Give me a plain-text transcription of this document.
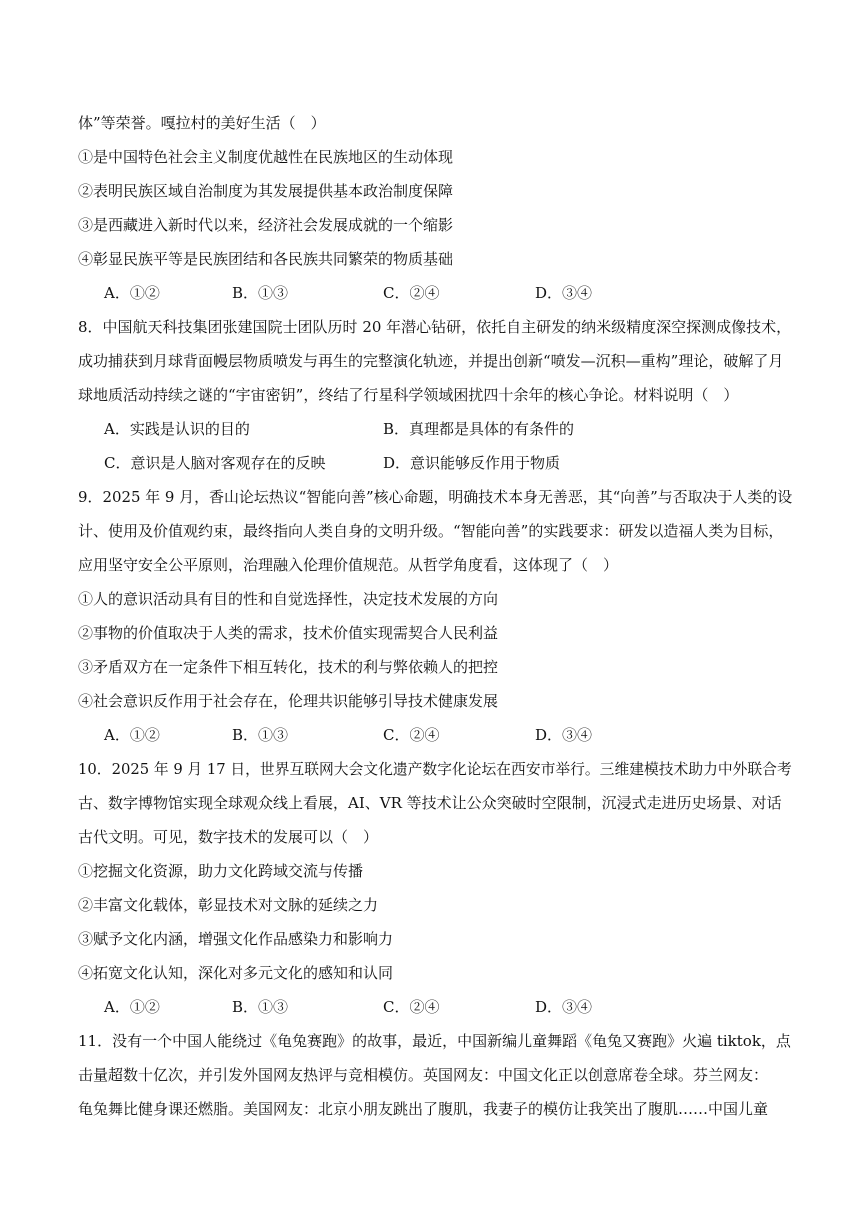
体”等荣誉。嘎拉村的美好生活（　）
①是中国特色社会主义制度优越性在民族地区的生动体现
②表明民族区域自治制度为其发展提供基本政治制度保障
③是西藏进入新时代以来，经济社会发展成就的一个缩影
④彰显民族平等是民族团结和各民族共同繁荣的物质基础
A．①②	B．①③	C．②④	D．③④
8．中国航天科技集团张建国院士团队历时 20 年潜心钻研，依托自主研发的纳米级精度深空探测成像技术，
成功捕获到月球背面幔层物质喷发与再生的完整演化轨迹，并提出创新“喷发—沉积—重构”理论，破解了月
球地质活动持续之谜的“宇宙密钥”，终结了行星科学领域困扰四十余年的核心争论。材料说明（　）
A．实践是认识的目的	B．真理都是具体的有条件的
C．意识是人脑对客观存在的反映	D．意识能够反作用于物质
9．2025 年 9 月，香山论坛热议“智能向善”核心命题，明确技术本身无善恶，其“向善”与否取决于人类的设
计、使用及价值观约束，最终指向人类自身的文明升级。“智能向善”的实践要求：研发以造福人类为目标，
应用坚守安全公平原则，治理融入伦理价值规范。从哲学角度看，这体现了（　）
①人的意识活动具有目的性和自觉选择性，决定技术发展的方向
②事物的价值取决于人类的需求，技术价值实现需契合人民利益
③矛盾双方在一定条件下相互转化，技术的利与弊依赖人的把控
④社会意识反作用于社会存在，伦理共识能够引导技术健康发展
A．①②	B．①③	C．②④	D．③④
10．2025 年 9 月 17 日，世界互联网大会文化遗产数字化论坛在西安市举行。三维建模技术助力中外联合考
古、数字博物馆实现全球观众线上看展，AI、VR 等技术让公众突破时空限制，沉浸式走进历史场景、对话
古代文明。可见，数字技术的发展可以（　）
①挖掘文化资源，助力文化跨域交流与传播
②丰富文化载体，彰显技术对文脉的延续之力
③赋予文化内涵，增强文化作品感染力和影响力
④拓宽文化认知，深化对多元文化的感知和认同
A．①②	B．①③	C．②④	D．③④
11．没有一个中国人能绕过《龟兔赛跑》的故事，最近，中国新编儿童舞蹈《龟兔又赛跑》火遍 tiktok，点
击量超数十亿次，并引发外国网友热评与竞相模仿。英国网友：中国文化正以创意席卷全球。芬兰网友：
龟兔舞比健身课还燃脂。美国网友：北京小朋友跳出了腹肌，我妻子的模仿让我笑出了腹肌……中国儿童
